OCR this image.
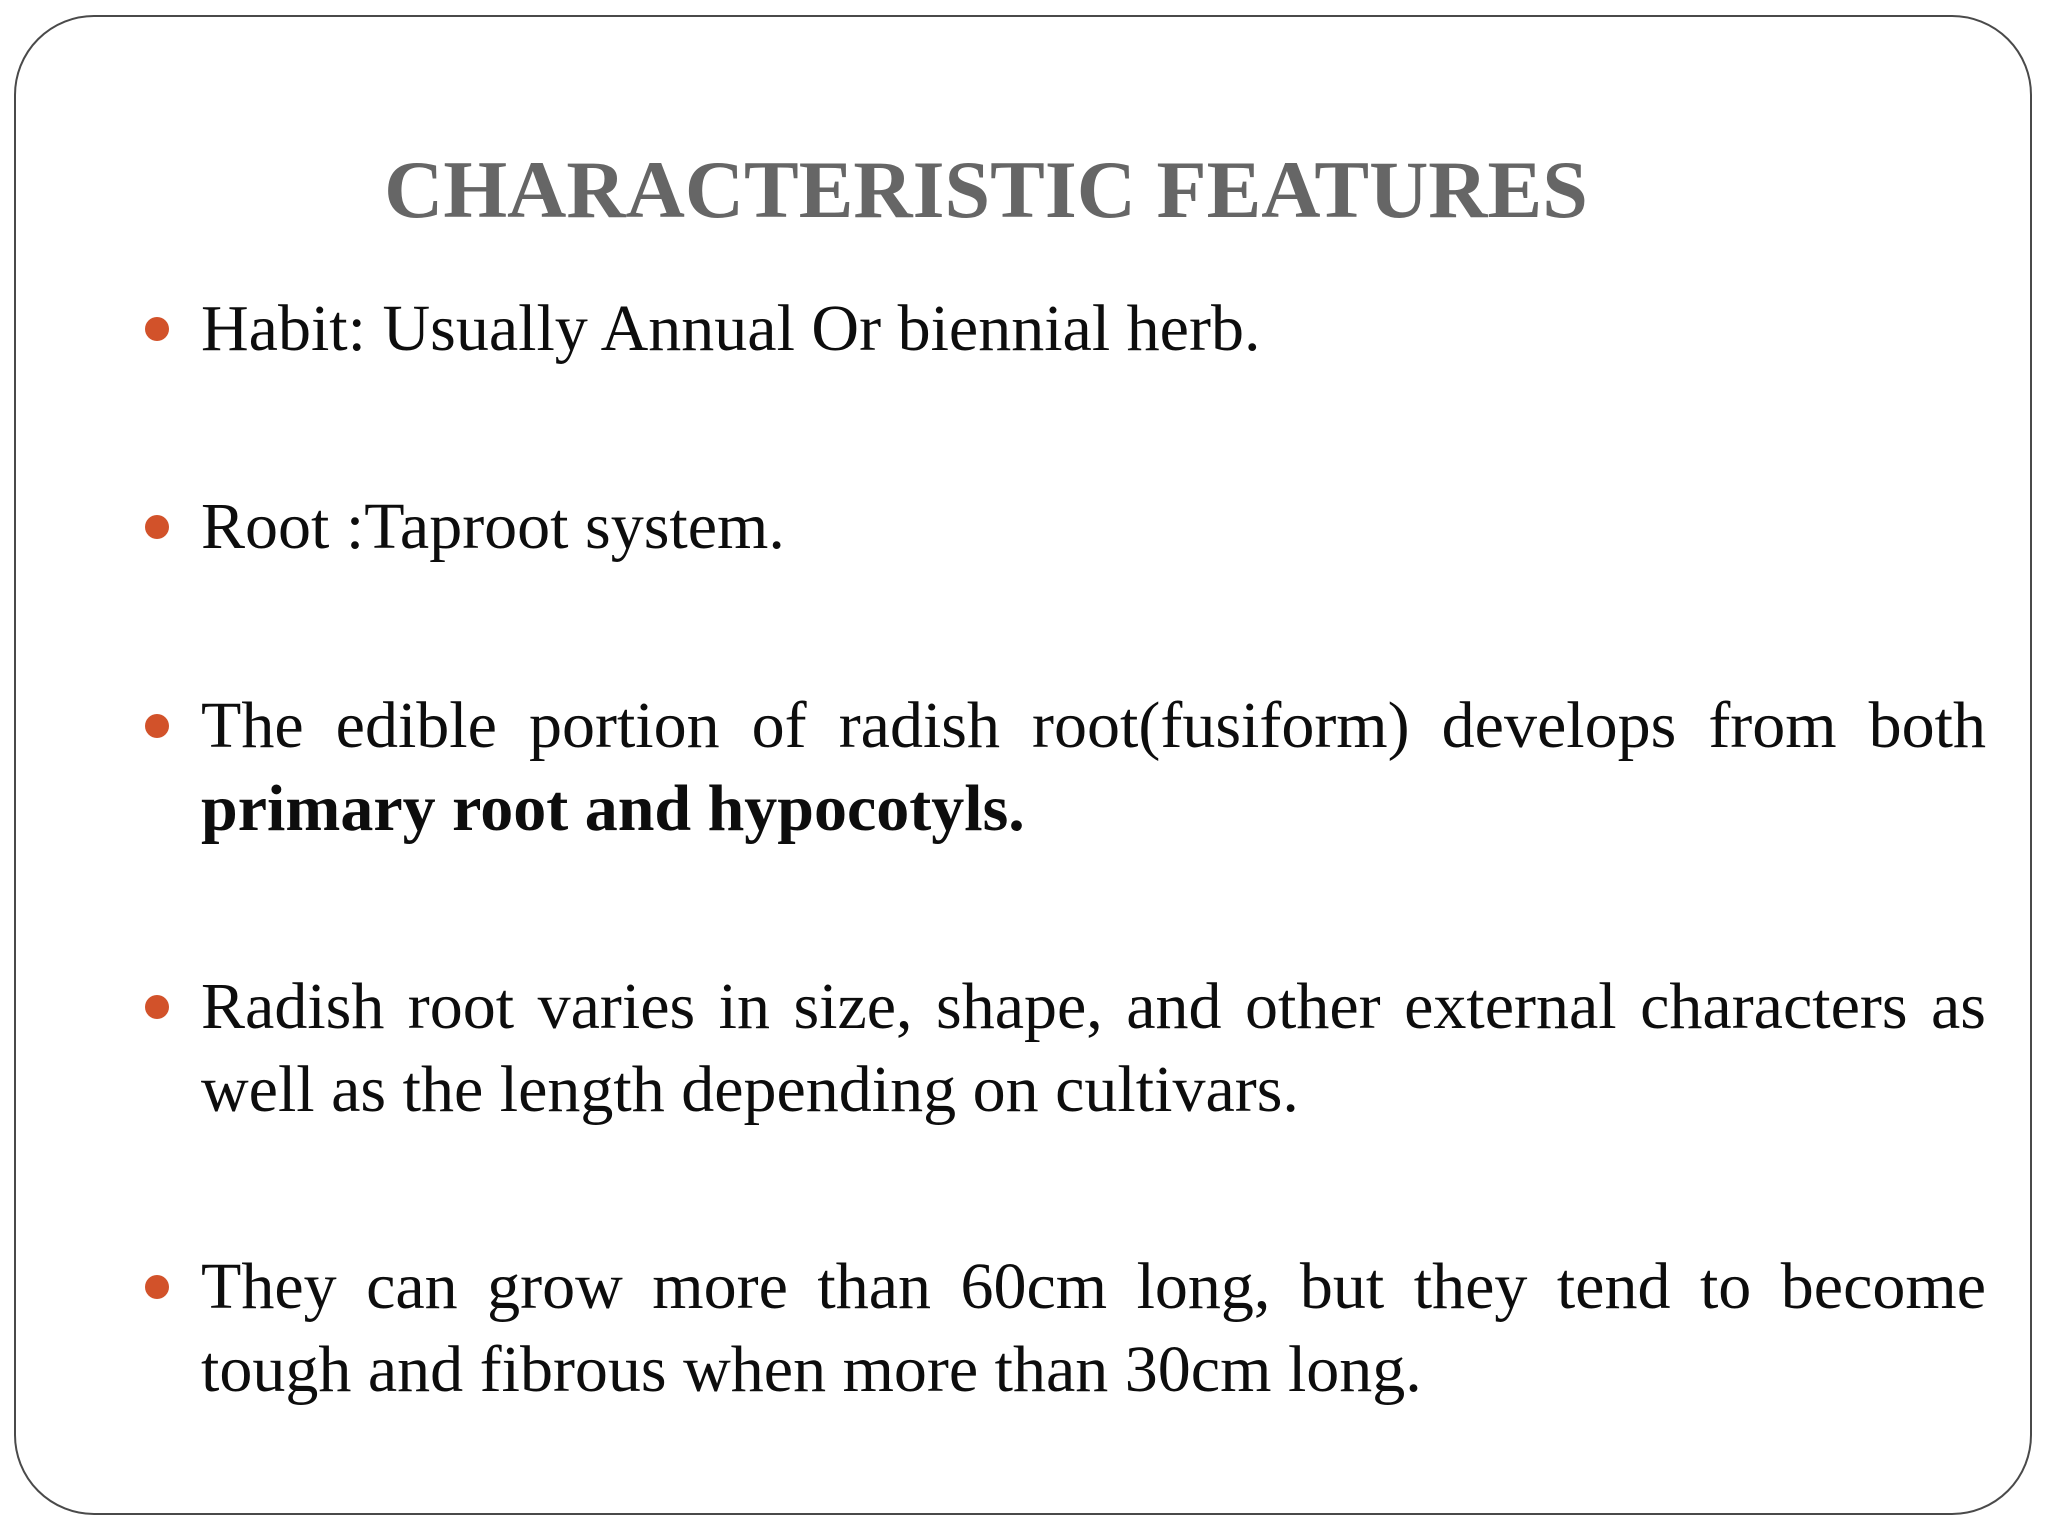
CHARACTERISTIC FEATURES
Habit: Usually Annual Or biennial herb.
Root :Taproot system.
The edible portion of radish root(fusiform) develops from both primary root and hypocotyls.
Radish root varies in size, shape, and other external characters as well as the length depending on cultivars.
They can grow more than 60cm long, but they tend to become tough and fibrous when more than 30cm long.
